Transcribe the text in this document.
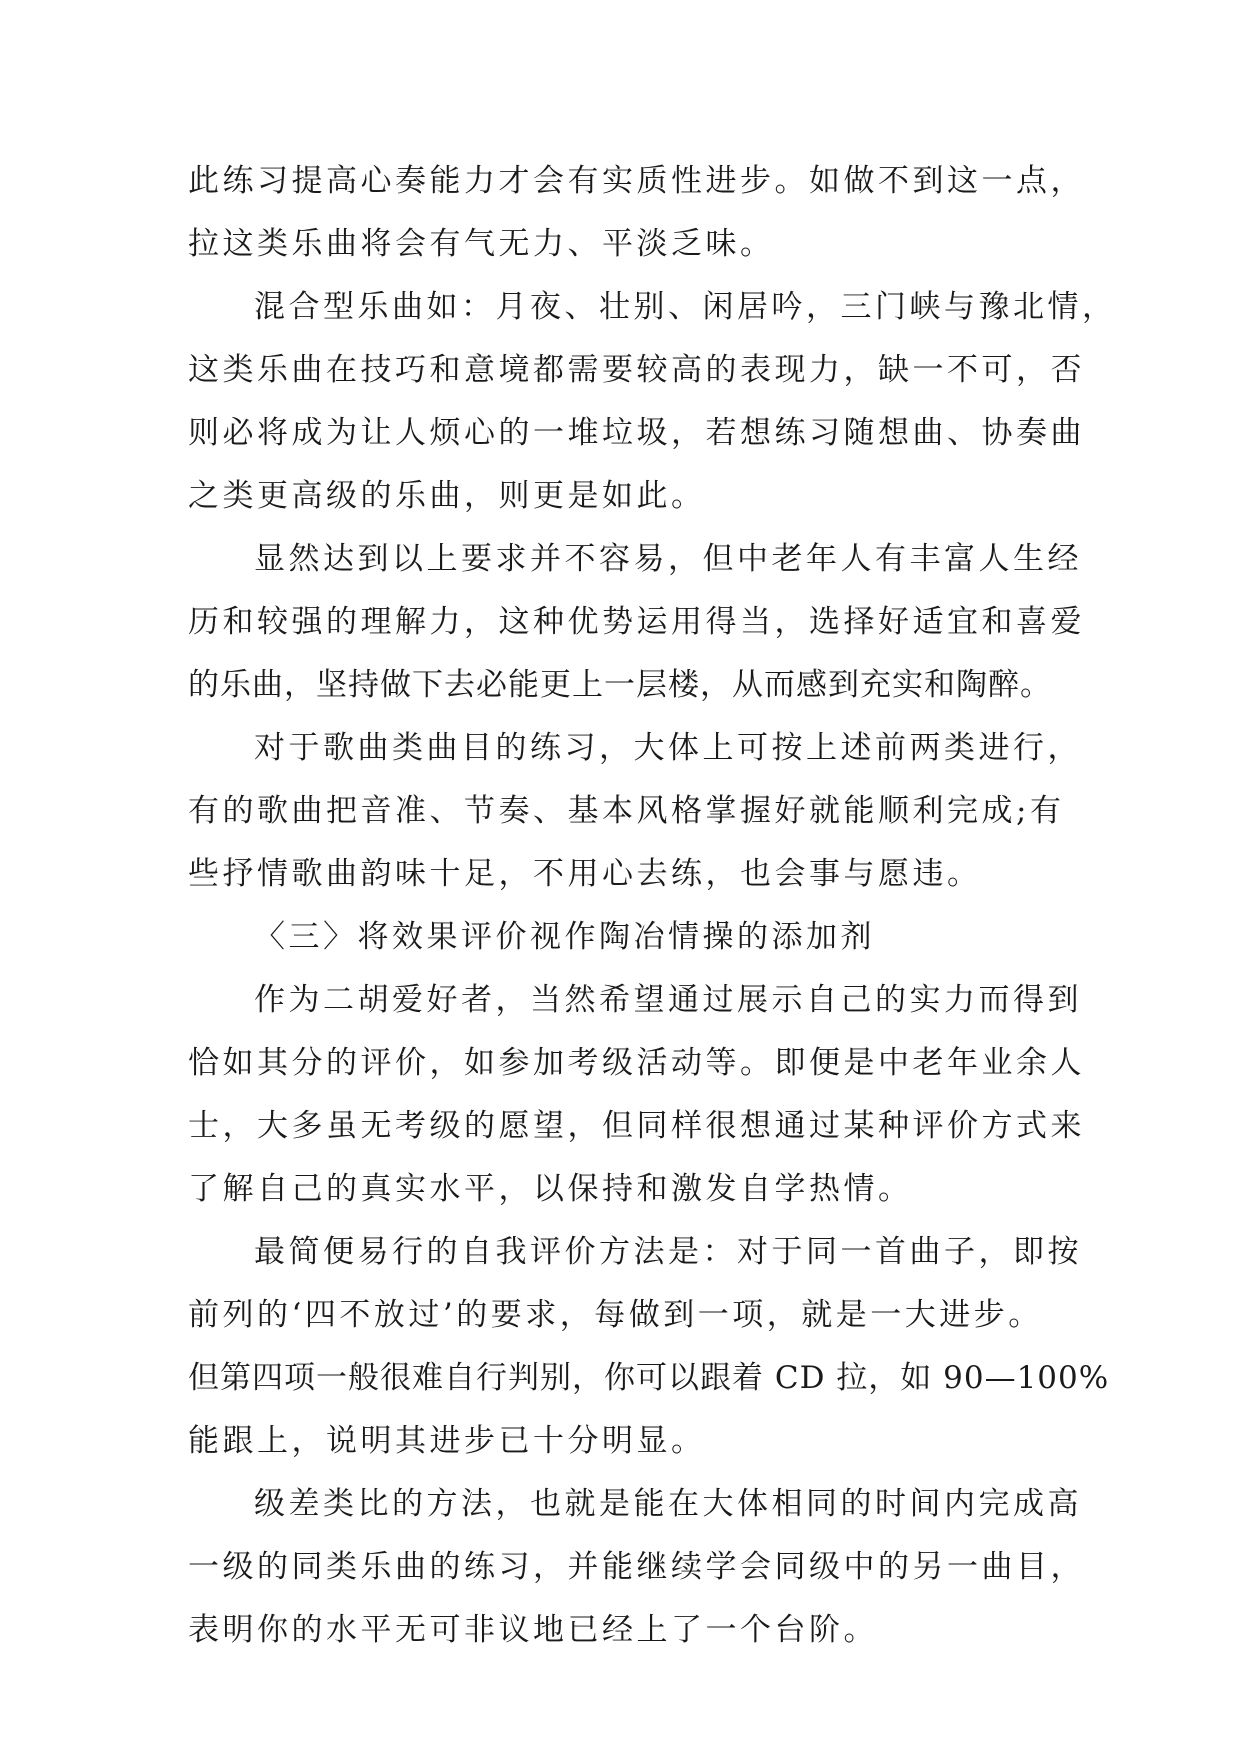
此练习提高心奏能力才会有实质性进步。如做不到这一点，
拉这类乐曲将会有气无力、平淡乏味。
混合型乐曲如：月夜、壮别、闲居吟，三门峡与豫北情，
这类乐曲在技巧和意境都需要较高的表现力，缺一不可，否
则必将成为让人烦心的一堆垃圾，若想练习随想曲、协奏曲
之类更高级的乐曲，则更是如此。
显然达到以上要求并不容易，但中老年人有丰富人生经
历和较强的理解力，这种优势运用得当，选择好适宜和喜爱
的乐曲，坚持做下去必能更上一层楼，从而感到充实和陶醉。
对于歌曲类曲目的练习，大体上可按上述前两类进行，
有的歌曲把音准、节奏、基本风格掌握好就能顺利完成;有
些抒情歌曲韵味十足，不用心去练，也会事与愿违。
〈三〉将效果评价视作陶冶情操的添加剂
作为二胡爱好者，当然希望通过展示自己的实力而得到
恰如其分的评价，如参加考级活动等。即便是中老年业余人
士，大多虽无考级的愿望，但同样很想通过某种评价方式来
了解自己的真实水平，以保持和激发自学热情。
最简便易行的自我评价方法是：对于同一首曲子，即按
前列的‘四不放过’的要求，每做到一项，就是一大进步。
但第四项一般很难自行判别，你可以跟着 CD 拉，如 90—100%
能跟上，说明其进步已十分明显。
级差类比的方法，也就是能在大体相同的时间内完成高
一级的同类乐曲的练习，并能继续学会同级中的另一曲目，
表明你的水平无可非议地已经上了一个台阶。
